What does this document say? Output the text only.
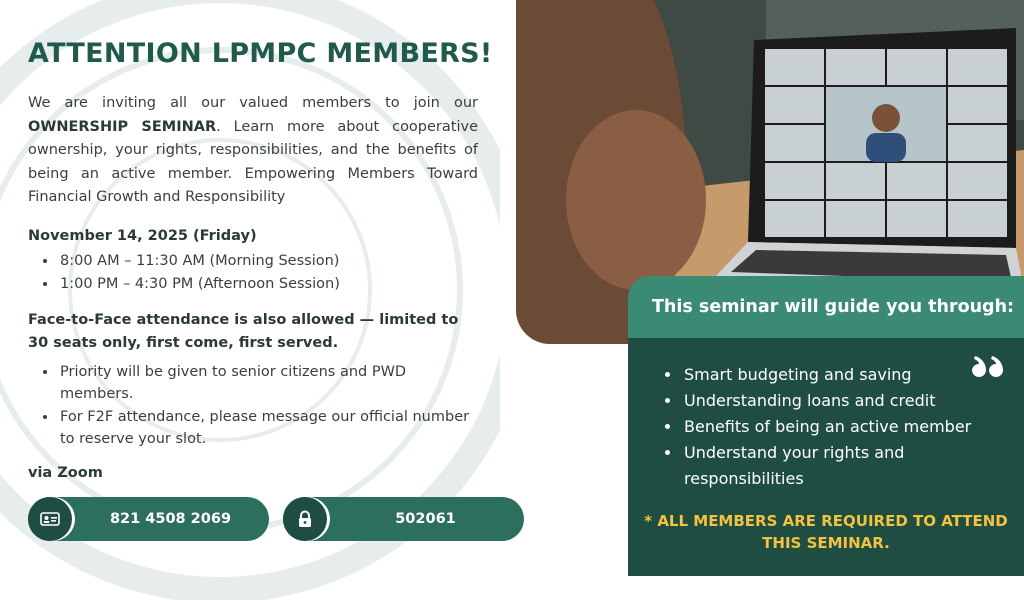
ATTENTION LPMPC MEMBERS!

We are inviting all our valued members to join our OWNERSHIP SEMINAR. Learn more about cooperative ownership, your rights, responsibilities, and the benefits of being an active member. Empowering Members Toward Financial Growth and Responsibility

November 14, 2025 (Friday)
• 8:00 AM – 11:30 AM (Morning Session)
• 1:00 PM – 4:30 PM (Afternoon Session)
Face-to-Face attendance is also allowed — limited to 30 seats only, first come, first served.
• Priority will be given to senior citizens and PWD members.
• For F2F attendance, please message our official number to reserve your slot.
via Zoom
821 4508 2069	502061
This seminar will guide you through:
• Smart budgeting and saving
• Understanding loans and credit
• Benefits of being an active member
• Understand your rights and responsibilities
* ALL MEMBERS ARE REQUIRED TO ATTEND THIS SEMINAR.
